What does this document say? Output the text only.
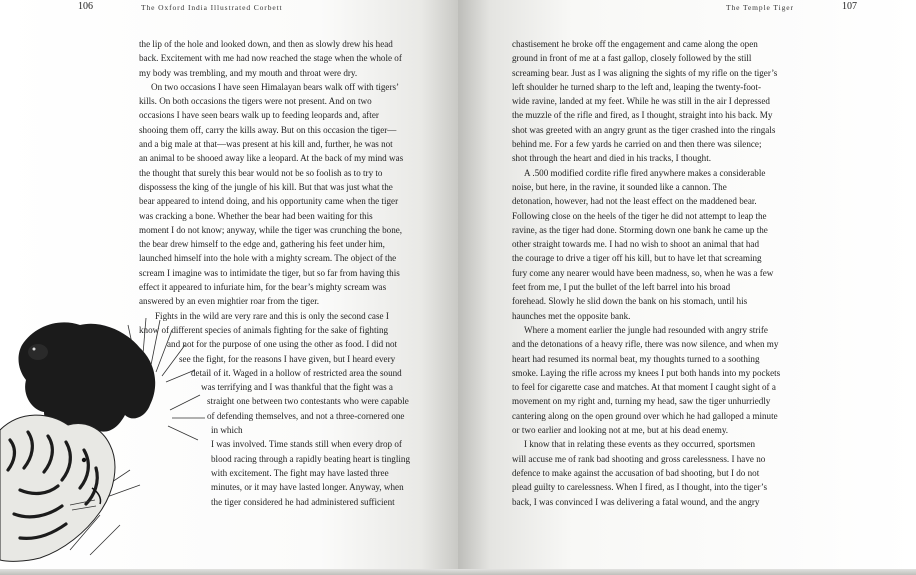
106	The Oxford India Illustrated Corbett

the lip of the hole and looked down, and then as slowly drew his head
back. Excitement with me had now reached the stage when the whole of
my body was trembling, and my mouth and throat were dry.

On two occasions I have seen Himalayan bears walk off with tigers’
kills. On both occasions the tigers were not present. And on two
occasions I have seen bears walk up to feeding leopards and, after
shooing them off, carry the kills away. But on this occasion the tiger—
and a big male at that—was present at his kill and, further, he was not
an animal to be shooed away like a leopard. At the back of my mind was
the thought that surely this bear would not be so foolish as to try to
dispossess the king of the jungle of his kill. But that was just what the
bear appeared to intend doing, and his opportunity came when the tiger
was cracking a bone. Whether the bear had been waiting for this
moment I do not know; anyway, while the tiger was crunching the bone,
the bear drew himself to the edge and, gathering his feet under him,
launched himself into the hole with a mighty scream. The object of the
scream I imagine was to intimidate the tiger, but so far from having this
effect it appeared to infuriate him, for the bear’s mighty scream was
answered by an even mightier roar from the tiger.

Fights in the wild are very rare and this is only the second case I
know of different species of animals fighting for the sake of fighting
and not for the purpose of one using the other as food. I did not
see the fight, for the reasons I have given, but I heard every
detail of it. Waged in a hollow of restricted area the sound
was terrifying and I was thankful that the fight was a
straight one between two contestants who were capable
of defending themselves, and not a three-cornered one
in which
I was involved. Time stands still when every drop of
blood racing through a rapidly beating heart is tingling
with excitement. The fight may have lasted three
minutes, or it may have lasted longer. Anyway, when
the tiger considered he had administered sufficient

The Temple Tiger	107

chastisement he broke off the engagement and came along the open
ground in front of me at a fast gallop, closely followed by the still
screaming bear. Just as I was aligning the sights of my rifle on the tiger’s
left shoulder he turned sharp to the left and, leaping the twenty-foot-
wide ravine, landed at my feet. While he was still in the air I depressed
the muzzle of the rifle and fired, as I thought, straight into his back. My
shot was greeted with an angry grunt as the tiger crashed into the ringals
behind me. For a few yards he carried on and then there was silence;
shot through the heart and died in his tracks, I thought.

A .500 modified cordite rifle fired anywhere makes a considerable
noise, but here, in the ravine, it sounded like a cannon. The
detonation, however, had not the least effect on the maddened bear.
Following close on the heels of the tiger he did not attempt to leap the
ravine, as the tiger had done. Storming down one bank he came up the
other straight towards me. I had no wish to shoot an animal that had
the courage to drive a tiger off his kill, but to have let that screaming
fury come any nearer would have been madness, so, when he was a few
feet from me, I put the bullet of the left barrel into his broad
forehead. Slowly he slid down the bank on his stomach, until his
haunches met the opposite bank.

Where a moment earlier the jungle had resounded with angry strife
and the detonations of a heavy rifle, there was now silence, and when my
heart had resumed its normal beat, my thoughts turned to a soothing
smoke. Laying the rifle across my knees I put both hands into my pockets
to feel for cigarette case and matches. At that moment I caught sight of a
movement on my right and, turning my head, saw the tiger unhurriedly
cantering along on the open ground over which he had galloped a minute
or two earlier and looking not at me, but at his dead enemy.

I know that in relating these events as they occurred, sportsmen
will accuse me of rank bad shooting and gross carelessness. I have no
defence to make against the accusation of bad shooting, but I do not
plead guilty to carelessness. When I fired, as I thought, into the tiger’s
back, I was convinced I was delivering a fatal wound, and the angry
